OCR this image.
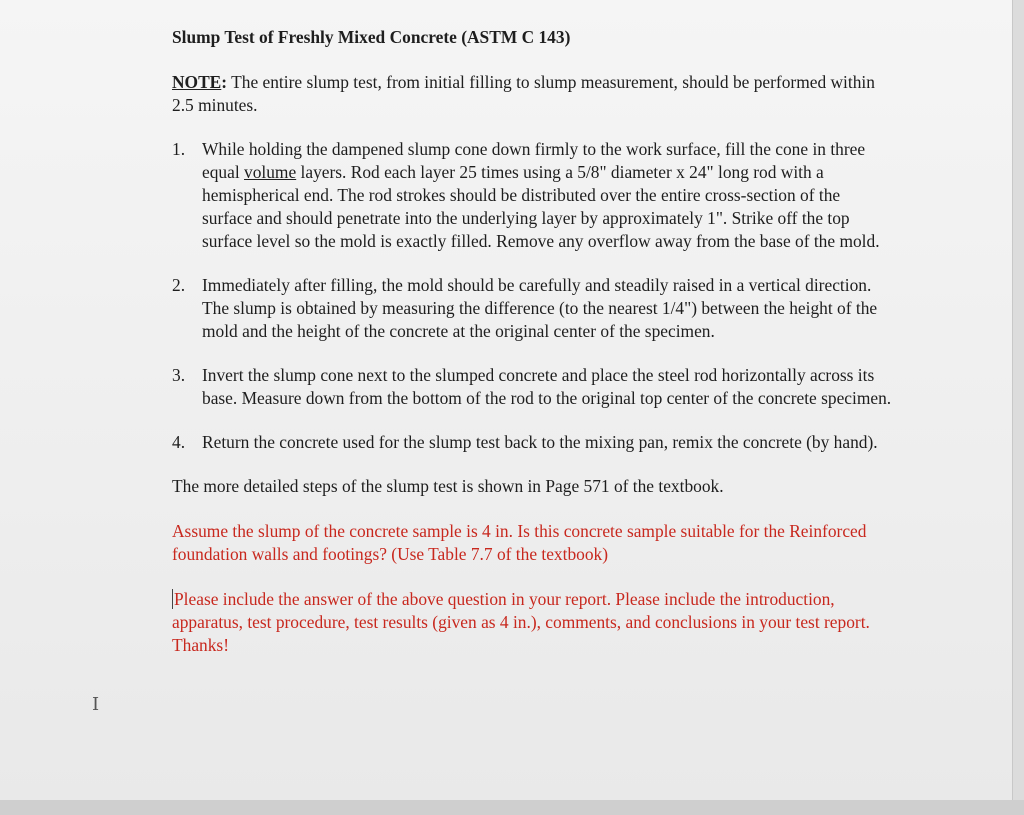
Slump Test of Freshly Mixed Concrete (ASTM C 143)

NOTE: The entire slump test, from initial filling to slump measurement, should be performed within 2.5 minutes.
1. While holding the dampened slump cone down firmly to the work surface, fill the cone in three equal volume layers. Rod each layer 25 times using a 5/8" diameter x 24" long rod with a hemispherical end. The rod strokes should be distributed over the entire cross-section of the surface and should penetrate into the underlying layer by approximately 1". Strike off the top surface level so the mold is exactly filled. Remove any overflow away from the base of the mold.
2. Immediately after filling, the mold should be carefully and steadily raised in a vertical direction. The slump is obtained by measuring the difference (to the nearest 1/4") between the height of the mold and the height of the concrete at the original center of the specimen.
3. Invert the slump cone next to the slumped concrete and place the steel rod horizontally across its base. Measure down from the bottom of the rod to the original top center of the concrete specimen.
4. Return the concrete used for the slump test back to the mixing pan, remix the concrete (by hand).
The more detailed steps of the slump test is shown in Page 571 of the textbook.
Assume the slump of the concrete sample is 4 in. Is this concrete sample suitable for the Reinforced foundation walls and footings? (Use Table 7.7 of the textbook)
Please include the answer of the above question in your report. Please include the introduction, apparatus, test procedure, test results (given as 4 in.), comments, and conclusions in your test report. Thanks!
I
